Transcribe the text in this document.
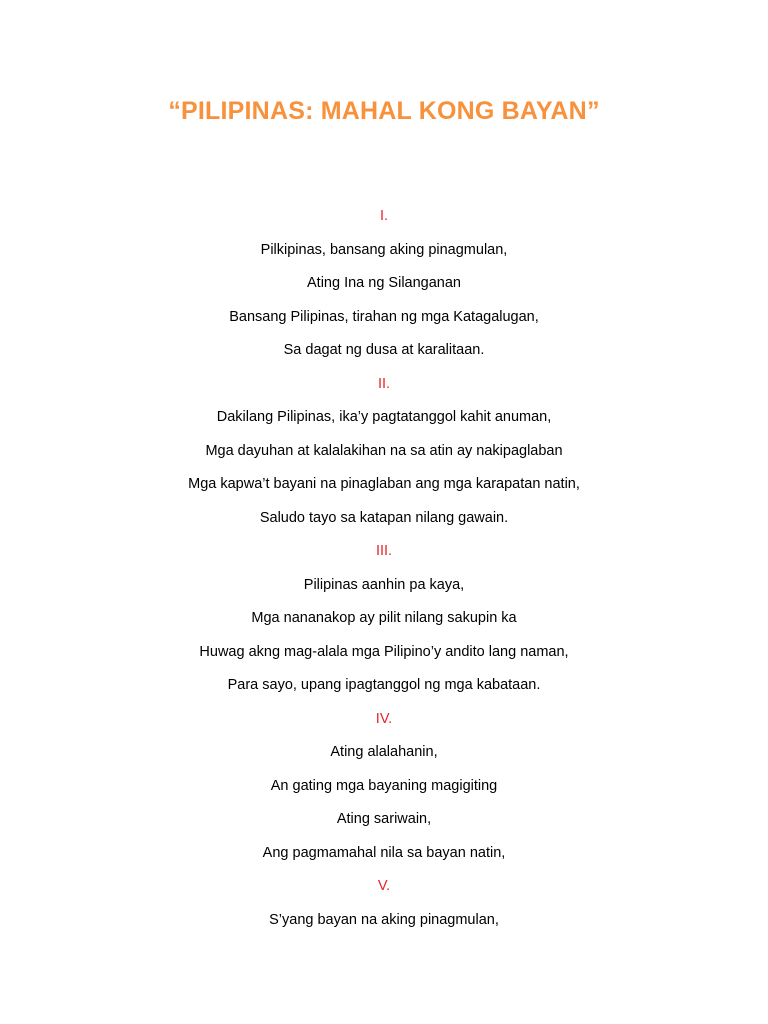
“PILIPINAS: MAHAL KONG BAYAN”
I.
Pilkipinas, bansang aking pinagmulan,
Ating Ina ng Silanganan
Bansang Pilipinas, tirahan ng mga Katagalugan,
Sa dagat ng dusa at karalitaan.
II.
Dakilang Pilipinas, ika’y pagtatanggol kahit anuman,
Mga dayuhan at kalalakihan na sa atin ay nakipaglaban
Mga kapwa’t bayani na pinaglaban ang mga karapatan natin,
Saludo tayo sa katapan nilang gawain.
III.
Pilipinas aanhin pa kaya,
Mga nananakop ay pilit nilang sakupin ka
Huwag akng mag-alala mga Pilipino’y andito lang naman,
Para sayo, upang ipagtanggol ng mga kabataan.
IV.
Ating alalahanin,
An gating mga bayaning magigiting
Ating sariwain,
Ang pagmamahal nila sa bayan natin,
V.
S’yang bayan na aking pinagmulan,
